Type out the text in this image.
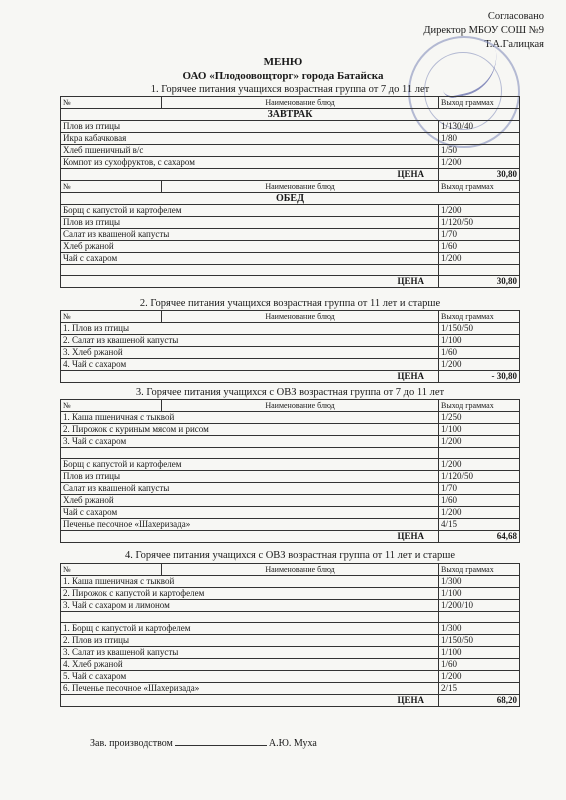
Согласовано
Директор МБОУ СОШ №9
Т.А.Галицкая
МЕНЮ
ОАО «Плодоовощторг» города Батайска
1. Горячее питания учащихся возрастная группа от 7 до 11 лет
№	Наименование блюд	Выход граммах
ЗАВТРАК		
Плов из птицы		1/130/40
Икра кабачковая		1/80
Хлеб пшеничный в/с		1/50
Компот из сухофруктов, с сахаром		1/200
ЦЕНА		30,80
№	Наименование блюд	Выход граммах
ОБЕД		
Борщ с капустой и картофелем		1/200
Плов из птицы		1/120/50
Салат из квашеной капусты		1/70
Хлеб ржаной		1/60
Чай с сахаром		1/200

ЦЕНА		30,80
2. Горячее питания учащихся возрастная группа от 11 лет и старше
№	Наименование блюд	Выход граммах
1. Плов из птицы		1/150/50
2. Салат из квашеной капусты		1/100
3. Хлеб ржаной		1/60
4. Чай с сахаром		1/200
ЦЕНА		- 30,80
3. Горячее питания учащихся с ОВЗ возрастная группа от 7 до 11 лет
№	Наименование блюд	Выход граммах
1. Каша пшеничная с тыквой		1/250
2. Пирожок с куриным мясом и рисом		1/100
3. Чай с сахаром		1/200

Борщ с капустой и картофелем		1/200
Плов из птицы		1/120/50
Салат из квашеной капусты		1/70
Хлеб ржаной		1/60
Чай с сахаром		1/200
Печенье песочное «Шахеризада»		4/15
ЦЕНА		64,68
4. Горячее питания учащихся с ОВЗ возрастная группа от 11 лет и старше
№	Наименование блюд	Выход граммах
1. Каша пшеничная с тыквой		1/300
2. Пирожок с капустой и картофелем		1/100
3. Чай с сахаром и лимоном		1/200/10

1. Борщ с капустой и картофелем		1/300
2. Плов из птицы		1/150/50
3. Салат из квашеной капусты		1/100
4. Хлеб ржаной		1/60
5. Чай с сахаром		1/200
6. Печенье песочное «Шахеризада»		2/15
ЦЕНА		68,20
Зав. производством	А.Ю. Муха
